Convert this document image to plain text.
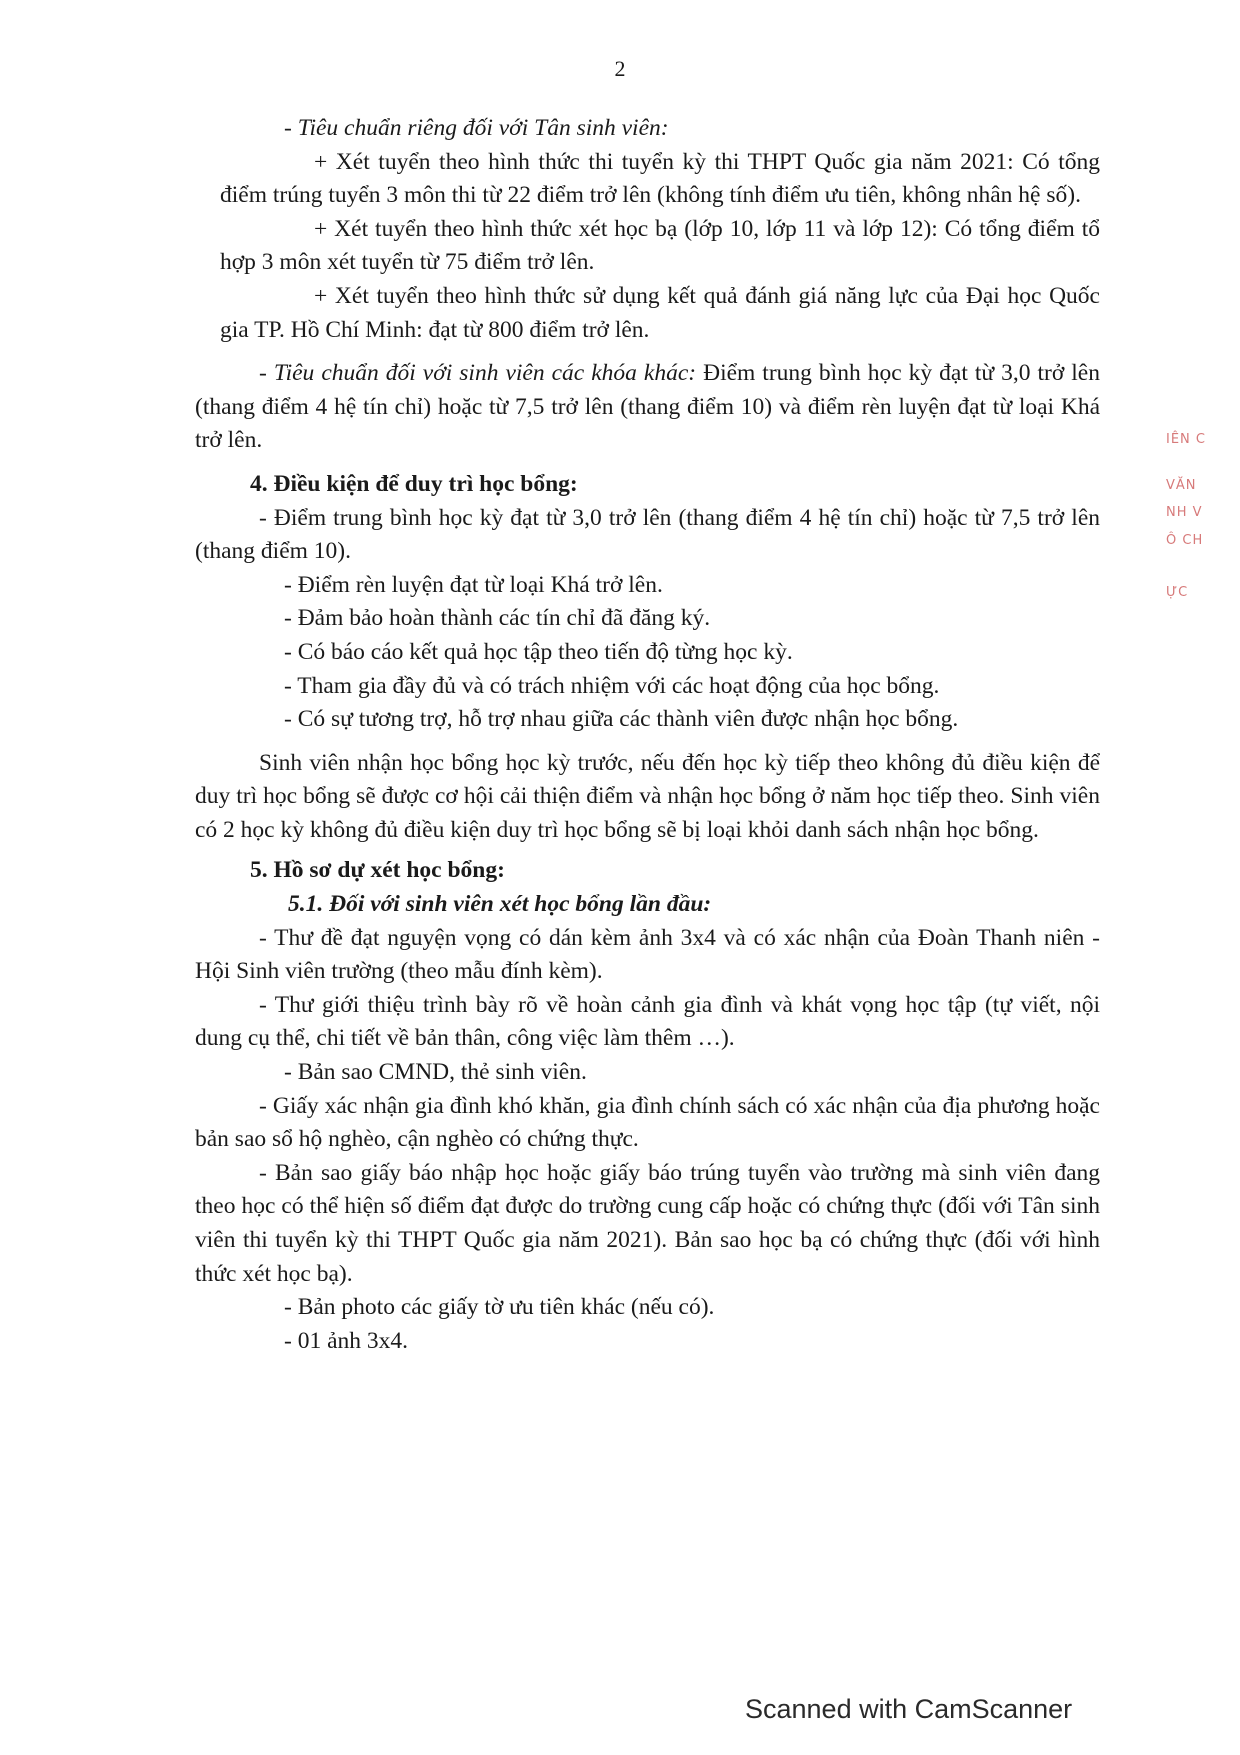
2

- Tiêu chuẩn riêng đối với Tân sinh viên:

+ Xét tuyển theo hình thức thi tuyển kỳ thi THPT Quốc gia năm 2021: Có tổng điểm trúng tuyển 3 môn thi từ 22 điểm trở lên (không tính điểm ưu tiên, không nhân hệ số).

+ Xét tuyển theo hình thức xét học bạ (lớp 10, lớp 11 và lớp 12): Có tổng điểm tổ hợp 3 môn xét tuyển từ 75 điểm trở lên.

+ Xét tuyển theo hình thức sử dụng kết quả đánh giá năng lực của Đại học Quốc gia TP. Hồ Chí Minh: đạt từ 800 điểm trở lên.

- Tiêu chuẩn đối với sinh viên các khóa khác: Điểm trung bình học kỳ đạt từ 3,0 trở lên (thang điểm 4 hệ tín chỉ) hoặc từ 7,5 trở lên (thang điểm 10) và điểm rèn luyện đạt từ loại Khá trở lên.

4. Điều kiện để duy trì học bổng:

- Điểm trung bình học kỳ đạt từ 3,0 trở lên (thang điểm 4 hệ tín chỉ) hoặc từ 7,5 trở lên (thang điểm 10).

- Điểm rèn luyện đạt từ loại Khá trở lên.

- Đảm bảo hoàn thành các tín chỉ đã đăng ký.

- Có báo cáo kết quả học tập theo tiến độ từng học kỳ.

- Tham gia đầy đủ và có trách nhiệm với các hoạt động của học bổng.

- Có sự tương trợ, hỗ trợ nhau giữa các thành viên được nhận học bổng.

Sinh viên nhận học bổng học kỳ trước, nếu đến học kỳ tiếp theo không đủ điều kiện để duy trì học bổng sẽ được cơ hội cải thiện điểm và nhận học bổng ở năm học tiếp theo. Sinh viên có 2 học kỳ không đủ điều kiện duy trì học bổng sẽ bị loại khỏi danh sách nhận học bổng.

5. Hồ sơ dự xét học bổng:

5.1. Đối với sinh viên xét học bổng lần đầu:

- Thư đề đạt nguyện vọng có dán kèm ảnh 3x4 và có xác nhận của Đoàn Thanh niên - Hội Sinh viên trường (theo mẫu đính kèm).

- Thư giới thiệu trình bày rõ về hoàn cảnh gia đình và khát vọng học tập (tự viết, nội dung cụ thể, chi tiết về bản thân, công việc làm thêm …).

- Bản sao CMND, thẻ sinh viên.

- Giấy xác nhận gia đình khó khăn, gia đình chính sách có xác nhận của địa phương hoặc bản sao sổ hộ nghèo, cận nghèo có chứng thực.

- Bản sao giấy báo nhập học hoặc giấy báo trúng tuyển vào trường mà sinh viên đang theo học có thể hiện số điểm đạt được do trường cung cấp hoặc có chứng thực (đối với Tân sinh viên thi tuyển kỳ thi THPT Quốc gia năm 2021). Bản sao học bạ có chứng thực (đối với hình thức xét học bạ).

- Bản photo các giấy tờ ưu tiên khác (nếu có).

- 01 ảnh 3x4.

IÊN C
VĂN
NH V
Ô CH
ỰC
Scanned with CamScanner
